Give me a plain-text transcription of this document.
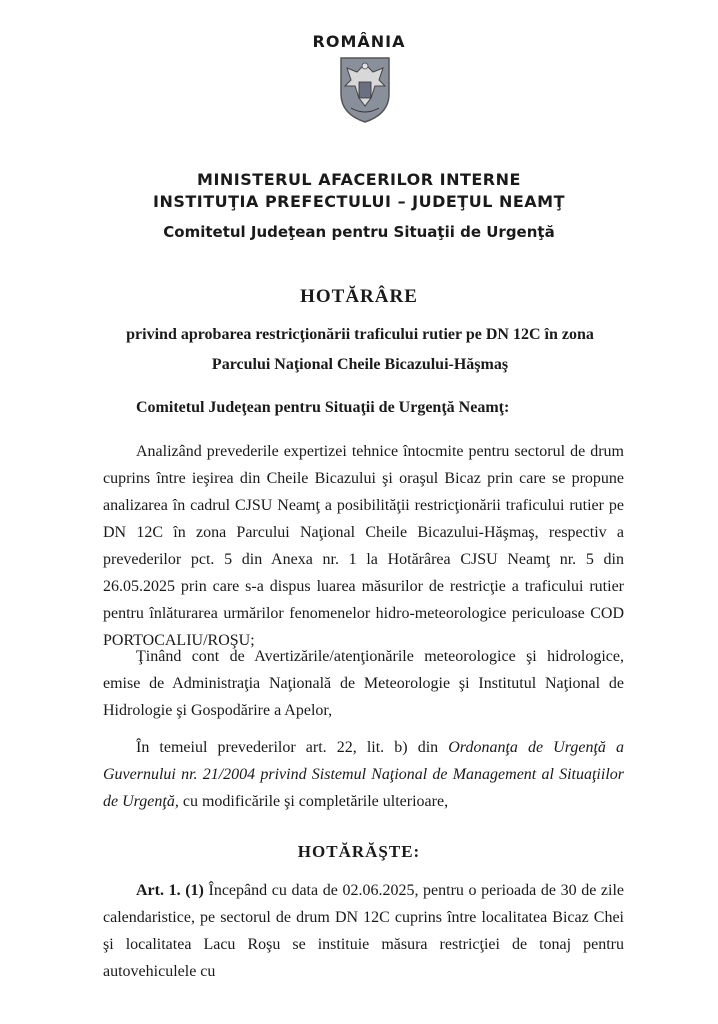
ROMÂNIA
MINISTERUL AFACERILOR INTERNE
INSTITUŢIA PREFECTULUI – JUDEŢUL NEAMŢ
Comitetul Judeţean pentru Situaţii de Urgenţă
HOTĂRÂRE
privind aprobarea restricţionării traficului rutier pe DN 12C în zona Parcului Naţional Cheile Bicazului-Hăşmaş
Comitetul Judeţean pentru Situaţii de Urgenţă Neamţ:

Analizând prevederile expertizei tehnice întocmite pentru sectorul de drum cuprins între ieşirea din Cheile Bicazului şi oraşul Bicaz prin care se propune analizarea în cadrul CJSU Neamţ a posibilităţii restricţionării traficului rutier pe DN 12C în zona Parcului Naţional Cheile Bicazului-Hăşmaş, respectiv a prevederilor pct. 5 din Anexa nr. 1 la Hotărârea CJSU Neamţ nr. 5 din 26.05.2025 prin care s-a dispus luarea măsurilor de restricţie a traficului rutier pentru înlăturarea urmărilor fenomenelor hidro-meteorologice periculoase COD PORTOCALIU/ROŞU;

Ţinând cont de Avertizările/atenţionările meteorologice şi hidrologice, emise de Administraţia Naţională de Meteorologie şi Institutul Naţional de Hidrologie şi Gospodărire a Apelor,

În temeiul prevederilor art. 22, lit. b) din Ordonanţa de Urgenţă a Guvernului nr. 21/2004 privind Sistemul Naţional de Management al Situaţiilor de Urgenţă, cu modificările şi completările ulterioare,

HOTĂRĂŞTE:

Art. 1. (1) Începând cu data de 02.06.2025, pentru o perioada de 30 de zile calendaristice, pe sectorul de drum DN 12C cuprins între localitatea Bicaz Chei şi localitatea Lacu Roşu se instituie măsura restricţiei de tonaj pentru autovehiculele cu
